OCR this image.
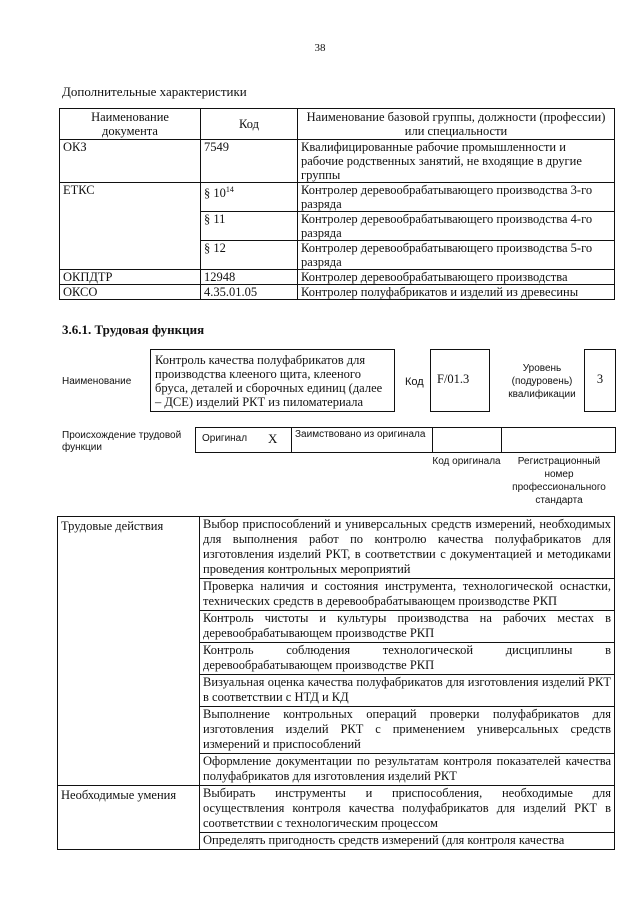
38
Дополнительные характеристики
Наименование документа	Код	Наименование базовой группы, должности (профессии) или специальности
ОКЗ	7549	Квалифицированные рабочие промышленности и рабочие родственных занятий, не входящие в другие группы
ЕТКС	§ $10^{14}$	Контролер деревообрабатывающего производства 3-го разряда
	§ 11	Контролер деревообрабатывающего производства 4-го разряда
	§ 12	Контролер деревообрабатывающего производства 5-го разряда
ОКПДТР	12948	Контролер деревообрабатывающего производства
ОКСО	4.35.01.05	Контролер полуфабрикатов и изделий из древесины
3.6.1. Трудовая функция
Наименование
Контроль качества полуфабрикатов для производства клееного щита, клееного бруса, деталей и сборочных единиц (далее – ДСЕ) изделий РКТ из пиломатериала
Код	F/01.3
Уровень (подуровень) квалификации
3
Происхождение трудовой функции
Оригинал X	Заимствовано из оригинала
Код оригинала	Регистрационный номер профессионального стандарта
Трудовые действия	Выбор приспособлений и универсальных средств измерений, необходимых для выполнения работ по контролю качества полуфабрикатов для изготовления изделий РКТ, в соответствии с документацией и методиками проведения контрольных мероприятий
	Проверка наличия и состояния инструмента, технологической оснастки, технических средств в деревообрабатывающем производстве РКП
	Контроль чистоты и культуры производства на рабочих местах в деревообрабатывающем производстве РКП
	Контроль соблюдения технологической дисциплины в деревообрабатывающем производстве РКП
	Визуальная оценка качества полуфабрикатов для изготовления изделий РКТ в соответствии с НТД и КД
	Выполнение контрольных операций проверки полуфабрикатов для изготовления изделий РКТ с применением универсальных средств измерений и приспособлений
	Оформление документации по результатам контроля показателей качества полуфабрикатов для изготовления изделий РКТ
Необходимые умения	Выбирать инструменты и приспособления, необходимые для осуществления контроля качества полуфабрикатов для изделий РКТ в соответствии с технологическим процессом
	Определять пригодность средств измерений (для контроля качества
